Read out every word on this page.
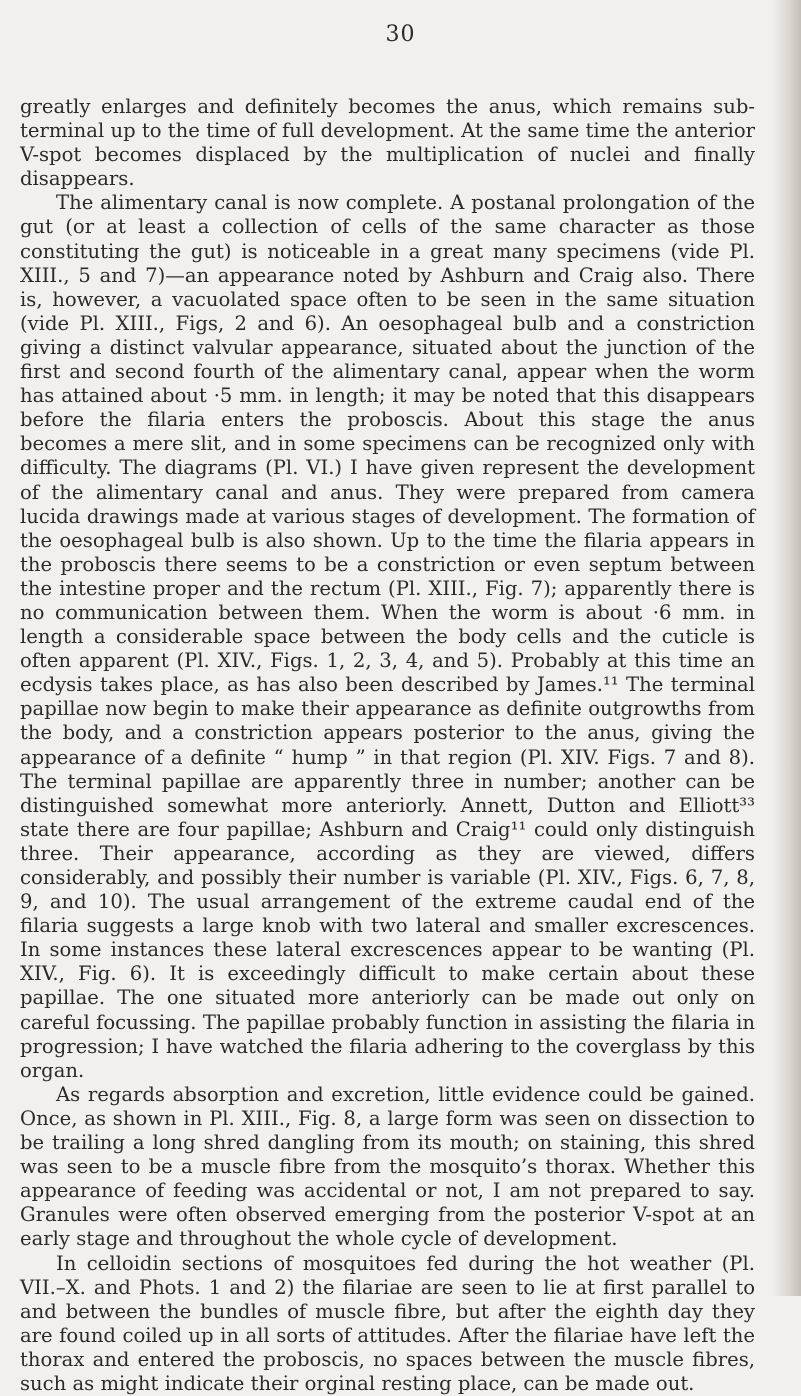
30

greatly enlarges and definitely becomes the anus, which remains sub-terminal up to the time of full development. At the same time the anterior V-spot becomes displaced by the multiplication of nuclei and finally disappears.

The alimentary canal is now complete. A postanal prolongation of the gut (or at least a collection of cells of the same character as those constituting the gut) is noticeable in a great many specimens (vide Pl. XIII., 5 and 7)—an appearance noted by Ashburn and Craig also. There is, however, a vacuolated space often to be seen in the same situation (vide Pl. XIII., Figs, 2 and 6). An oesophageal bulb and a constriction giving a distinct valvular appearance, situated about the junction of the first and second fourth of the alimentary canal, appear when the worm has attained about ·5 mm. in length; it may be noted that this disappears before the filaria enters the proboscis. About this stage the anus becomes a mere slit, and in some specimens can be recognized only with difficulty. The diagrams (Pl. VI.) I have given represent the development of the alimentary canal and anus. They were prepared from camera lucida drawings made at various stages of development. The formation of the oesophageal bulb is also shown. Up to the time the filaria appears in the proboscis there seems to be a constriction or even septum between the intestine proper and the rectum (Pl. XIII., Fig. 7); apparently there is no communication between them. When the worm is about ·6 mm. in length a considerable space between the body cells and the cuticle is often apparent (Pl. XIV., Figs. 1, 2, 3, 4, and 5). Probably at this time an ecdysis takes place, as has also been described by James.¹¹ The terminal papillae now begin to make their appearance as definite outgrowths from the body, and a constriction appears posterior to the anus, giving the appearance of a definite “ hump ” in that region (Pl. XIV. Figs. 7 and 8). The terminal papillae are apparently three in number; another can be distinguished somewhat more anteriorly. Annett, Dutton and Elliott³³ state there are four papillae; Ashburn and Craig¹¹ could only distinguish three. Their appearance, according as they are viewed, differs considerably, and possibly their number is variable (Pl. XIV., Figs. 6, 7, 8, 9, and 10). The usual arrangement of the extreme caudal end of the filaria suggests a large knob with two lateral and smaller excrescences. In some instances these lateral excrescences appear to be wanting (Pl. XIV., Fig. 6). It is exceedingly difficult to make certain about these papillae. The one situated more anteriorly can be made out only on careful focussing. The papillae probably function in assisting the filaria in progression; I have watched the filaria adhering to the coverglass by this organ.

As regards absorption and excretion, little evidence could be gained. Once, as shown in Pl. XIII., Fig. 8, a large form was seen on dissection to be trailing a long shred dangling from its mouth; on staining, this shred was seen to be a muscle fibre from the mosquito’s thorax. Whether this appearance of feeding was accidental or not, I am not prepared to say. Granules were often observed emerging from the posterior V-spot at an early stage and throughout the whole cycle of development.

In celloidin sections of mosquitoes fed during the hot weather (Pl. VII.–X. and Phots. 1 and 2) the filariae are seen to lie at first parallel to and between the bundles of muscle fibre, but after the eighth day they are found coiled up in all sorts of attitudes. After the filariae have left the thorax and entered the proboscis, no spaces between the muscle fibres, such as might indicate their orginal resting place, can be made out.
